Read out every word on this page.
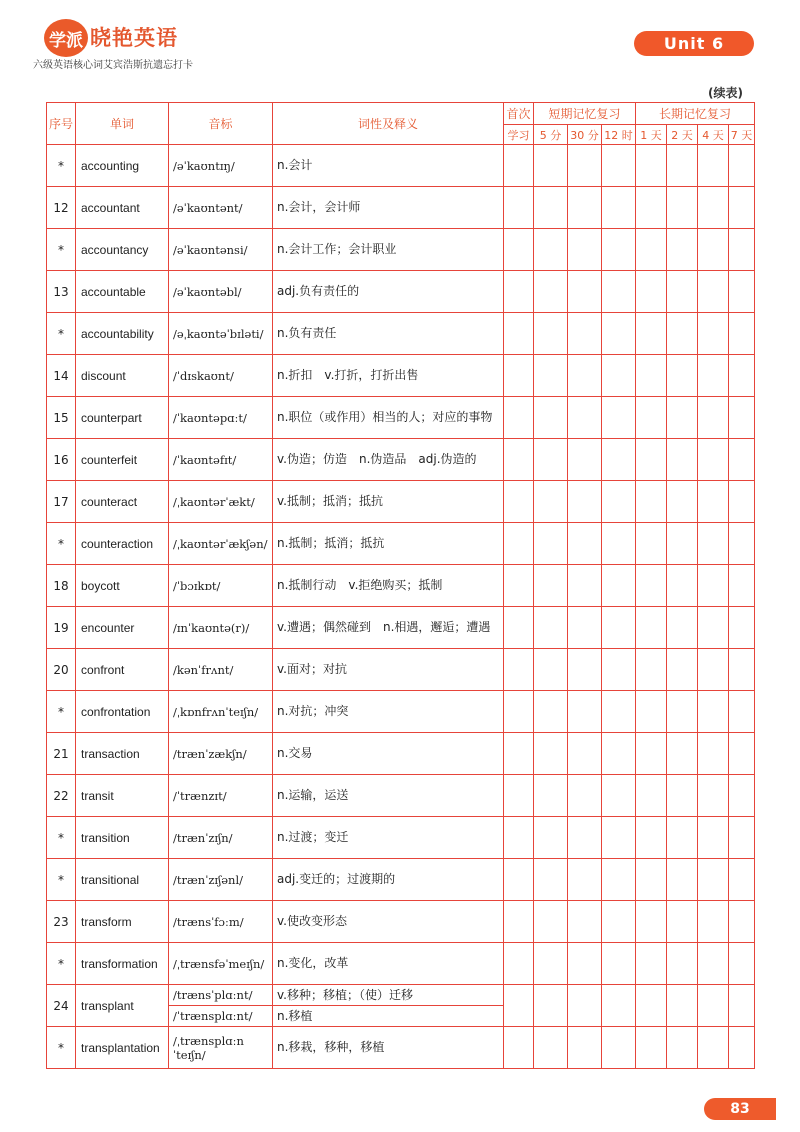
学派 晓艳英语
六级英语核心词艾宾浩斯抗遗忘打卡
Unit 6
(续表)
序号	单词	音标	词性及释义	首次	短期记忆复习			长期记忆复习			
				学习	5 分	30 分	12 时	1 天	2 天	4 天	7 天
*	accounting	/əˈkaʊntɪŋ/	n.会计								
12	accountant	/əˈkaʊntənt/	n.会计，会计师								
*	accountancy	/əˈkaʊntənsi/	n.会计工作；会计职业								
13	accountable	/əˈkaʊntəbl/	adj.负有责任的								
*	accountability	/əˌkaʊntəˈbɪləti/	n.负有责任								
14	discount	/ˈdɪskaʊnt/	n.折扣　v.打折，打折出售								
15	counterpart	/ˈkaʊntəpɑːt/	n.职位（或作用）相当的人；对应的事物								
16	counterfeit	/ˈkaʊntəfɪt/	v.伪造；仿造　n.伪造品　adj.伪造的								
17	counteract	/ˌkaʊntərˈækt/	v.抵制；抵消；抵抗								
*	counteraction	/ˌkaʊntərˈækʃən/	n.抵制；抵消；抵抗								
18	boycott	/ˈbɔɪkɒt/	n.抵制行动　v.拒绝购买；抵制								
19	encounter	/ɪnˈkaʊntə(r)/	v.遭遇；偶然碰到　n.相遇，邂逅；遭遇								
20	confront	/kənˈfrʌnt/	v.面对；对抗								
*	confrontation	/ˌkɒnfrʌnˈteɪʃn/	n.对抗；冲突								
21	transaction	/trænˈzækʃn/	n.交易								
22	transit	/ˈtrænzɪt/	n.运输，运送								
*	transition	/trænˈzɪʃn/	n.过渡；变迁								
*	transitional	/trænˈzɪʃənl/	adj.变迁的；过渡期的								
23	transform	/trænsˈfɔːm/	v.使改变形态								
*	transformation	/ˌtrænsfəˈmeɪʃn/	n.变化，改革								
24	transplant	/trænsˈplɑːnt/	v.移种；移植；（使）迁移								
		/ˈtrænsplɑːnt/	n.移植								
*	transplantation	/ˌtrænsplɑːnˈteɪʃn/	n.移栽，移种，移植								
83
